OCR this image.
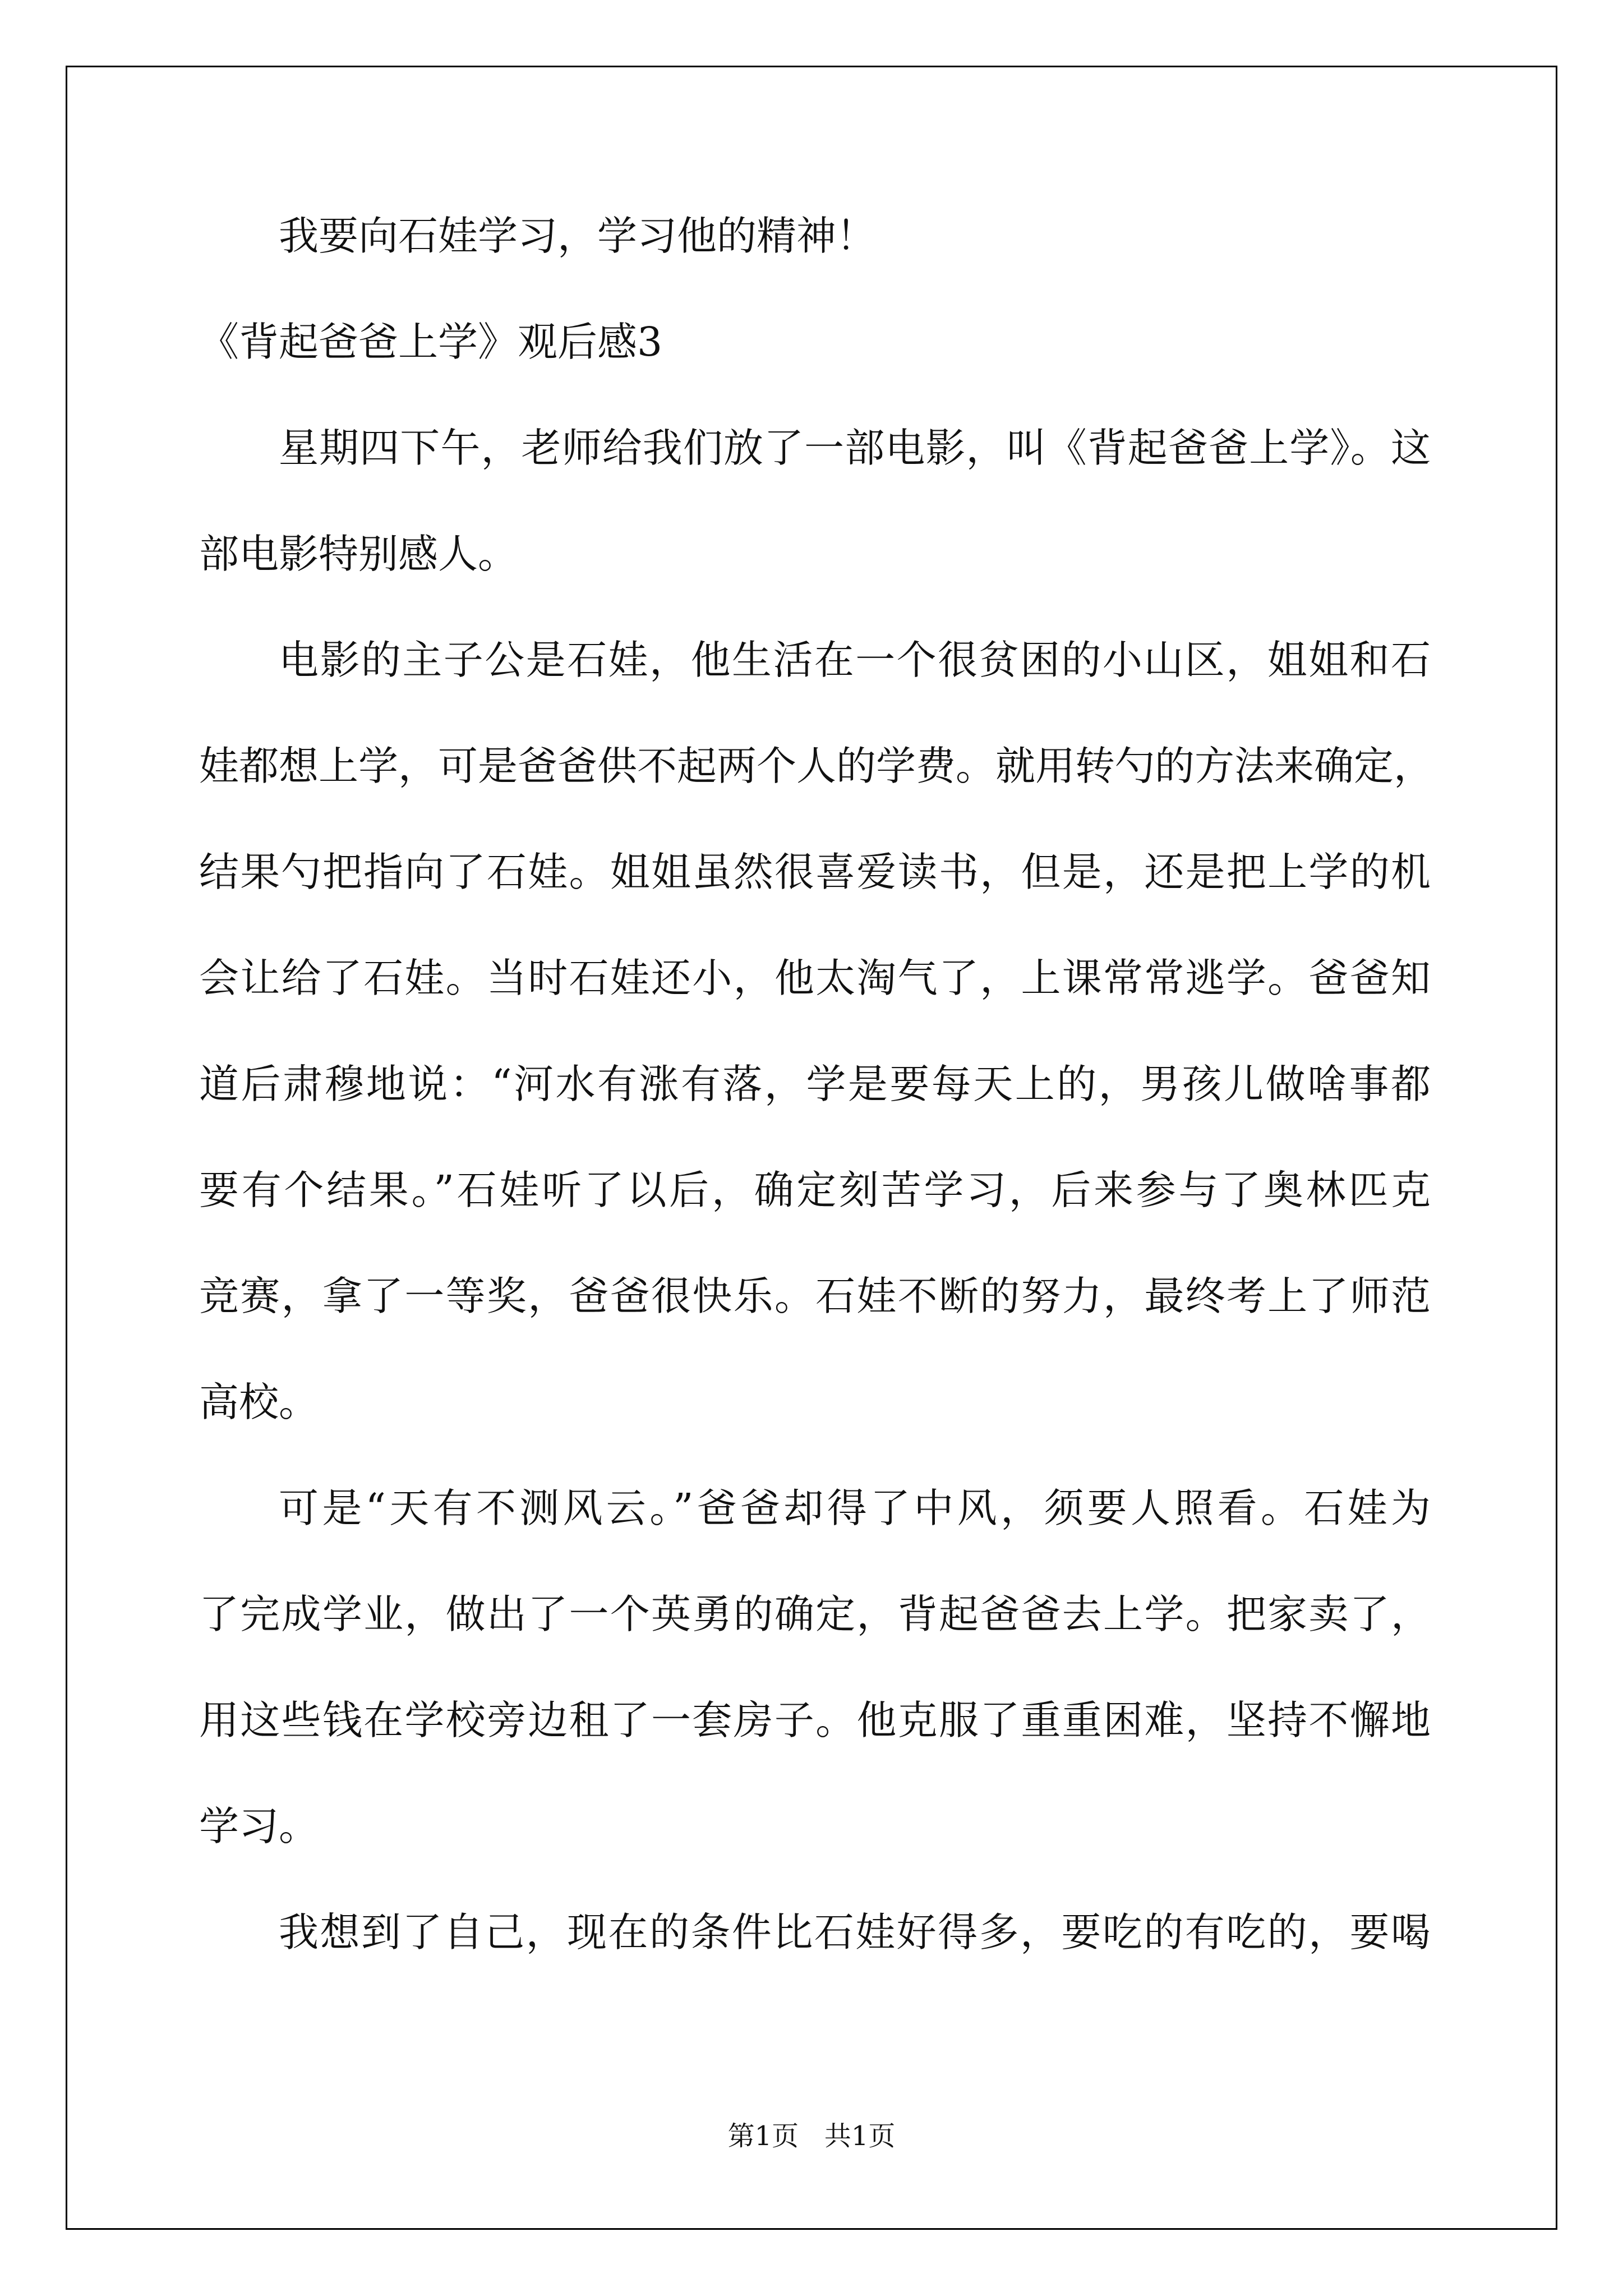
我要向石娃学习，学习他的精神！
《背起爸爸上学》观后感3
星期四下午，老师给我们放了一部电影，叫《背起爸爸上学》。这
部电影特别感人。
电影的主子公是石娃，他生活在一个很贫困的小山区，姐姐和石
娃都想上学，可是爸爸供不起两个人的学费。就用转勺的方法来确定，
结果勺把指向了石娃。姐姐虽然很喜爱读书，但是，还是把上学的机
会让给了石娃。当时石娃还小，他太淘气了，上课常常逃学。爸爸知
道后肃穆地说：“河水有涨有落，学是要每天上的，男孩儿做啥事都
要有个结果。”石娃听了以后，确定刻苦学习，后来参与了奥林匹克
竞赛，拿了一等奖，爸爸很快乐。石娃不断的努力，最终考上了师范
高校。
可是“天有不测风云。”爸爸却得了中风，须要人照看。石娃为
了完成学业，做出了一个英勇的确定，背起爸爸去上学。把家卖了，
用这些钱在学校旁边租了一套房子。他克服了重重困难，坚持不懈地
学习。
我想到了自己，现在的条件比石娃好得多，要吃的有吃的，要喝
第1页   共1页
